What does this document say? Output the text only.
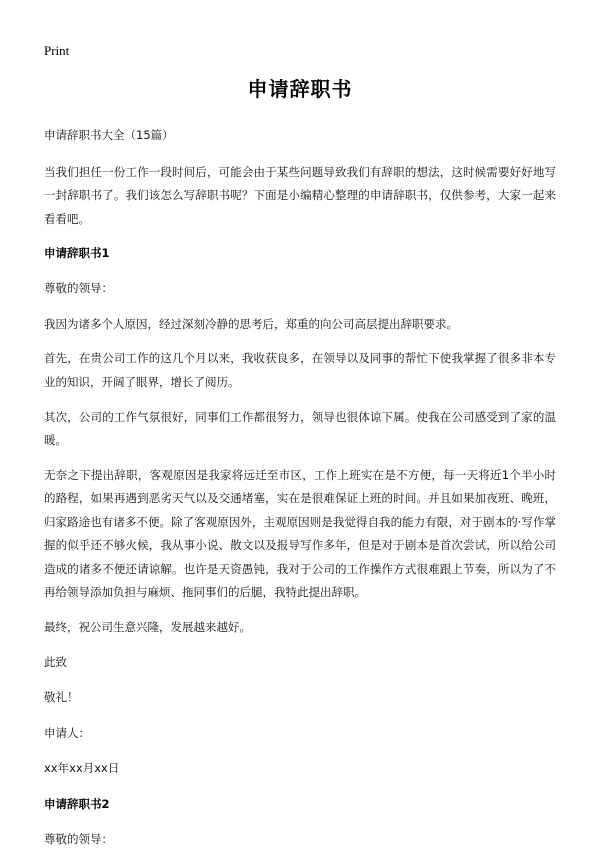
Print
申请辞职书

申请辞职书大全（15篇）

当我们担任一份工作一段时间后，可能会由于某些问题导致我们有辞职的想法，这时候需要好好地写一封辞职书了。我们该怎么写辞职书呢？下面是小编精心整理的申请辞职书，仅供参考，大家一起来看看吧。

申请辞职书1

尊敬的领导：

我因为诸多个人原因，经过深刻冷静的思考后，郑重的向公司高层提出辞职要求。

首先，在贵公司工作的这几个月以来，我收获良多，在领导以及同事的帮忙下使我掌握了很多非本专业的知识，开阔了眼界，增长了阅历。

其次，公司的工作气氛很好，同事们工作都很努力，领导也很体谅下属。使我在公司感受到了家的温暖。

无奈之下提出辞职，客观原因是我家将远迁至市区，工作上班实在是不方便，每一天将近1个半小时的路程，如果再遇到恶劣天气以及交通堵塞，实在是很难保证上班的时间。并且如果加夜班、晚班，归家路途也有诸多不便。除了客观原因外，主观原因则是我觉得自我的能力有限，对于剧本的·写作掌握的似乎还不够火候，我从事小说、散文以及报导写作多年，但是对于剧本是首次尝试，所以给公司造成的诸多不便还请谅解。也许是天资愚钝，我对于公司的工作操作方式很难跟上节奏，所以为了不再给领导添加负担与麻烦、拖同事们的后腿，我特此提出辞职。

最终，祝公司生意兴隆，发展越来越好。

此致

敬礼！

申请人：

xx年xx月xx日

申请辞职书2

尊敬的领导：
